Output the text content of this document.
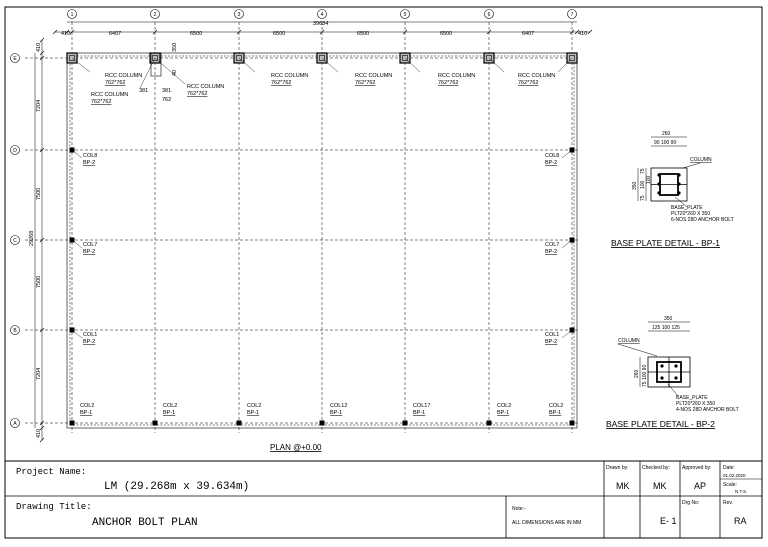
1	2	3	4	5	6	7
E
D
C
B
A
410	410
6407	6500	6500	6500	6500	6407
39634
410
7204
7500
7500
7204
410
29268
RCC COLUMN
762*762
RCC COLUMN
762*762
RCC COLUMN
762*762
RCC COLUMN
762*762
RCC COLUMN
762*762
RCC COLUMN
762*762
RCC COLUMN
762*762
381	381
762
350
40
COL8
BP-2
COL8
BP-2
COL7
BP-2
COL7
BP-2
COL1
BP-2
COL1
BP-2
COL2
BP-1
COL2
BP-1
COL2
BP-1
COL12
BP-1
COL17
BP-1
COL2
BP-1
COL2
BP-1
PLAN @+0.00
260
90 100 90
350
75
100
75
100
COLUMN
BASE_PLATE
PLT20*260 X 350
6-NOS 28D ANCHOR BOLT
BASE PLATE DETAIL - BP-1
350
125 100 125
260 75 100 90
COLUMN
BASE_PLATE
PLT20*260 X 350
4-NOS 28D ANCHOR BOLT
BASE PLATE DETAIL - BP-2
Project Name:
LM (29.268m x 39.634m)
Drawing Title:
ANCHOR BOLT PLAN
Note:-
ALL DIMENSIONS ARE IN MM
Drawn by:
MK
Checked by:
MK
Approved by:
AP
Date:
01.02.2020
Scale:
N.T.S.
Drg No:
E- 1
Rev.
RA
